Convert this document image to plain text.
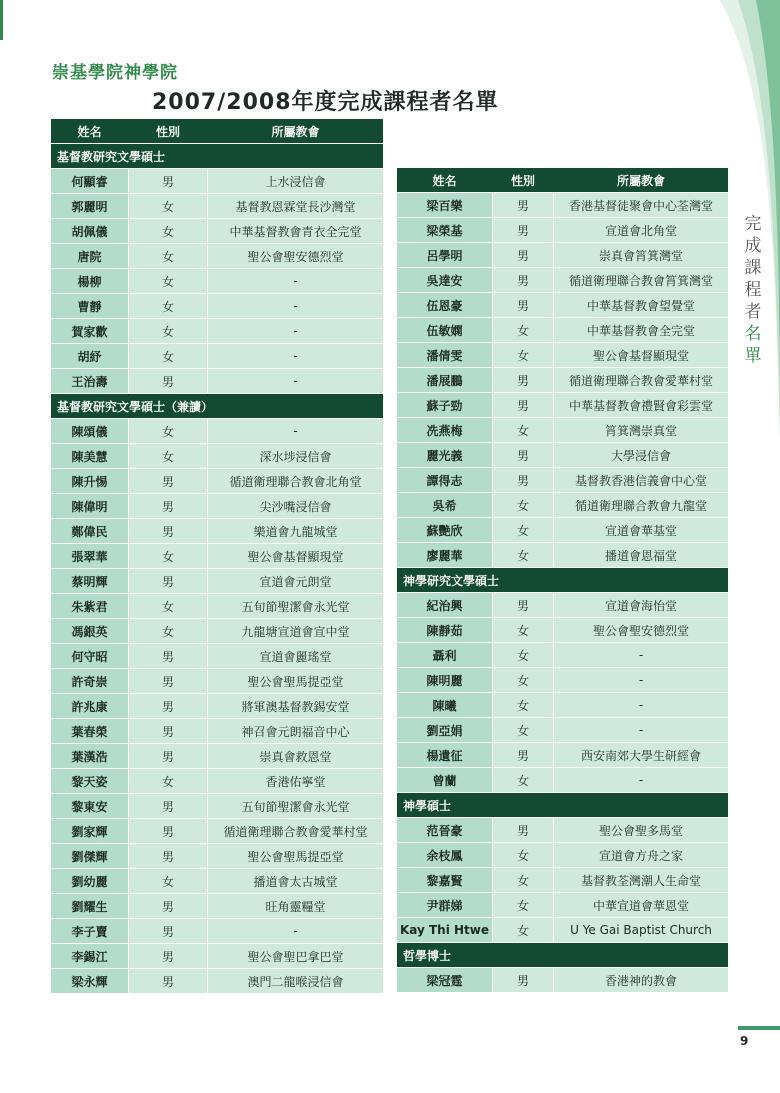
崇基學院神學院
2007/2008年度完成課程者名單
完
成
課
程
者
名
單
姓名	性別	所屬教會
基督教研究文學碩士		
何顯睿	男	上水浸信會
郭麗明	女	基督教恩霖堂長沙灣堂
胡佩儀	女	中華基督教會青衣全完堂
唐院	女	聖公會聖安德烈堂
楊柳	女	-
曹靜	女	-
賀家歡	女	-
胡紓	女	-
王治壽	男	-
基督教研究文學碩士（兼讀）		
陳頌儀	女	-
陳美慧	女	深水埗浸信會
陳升惕	男	循道衛理聯合教會北角堂
陳偉明	男	尖沙嘴浸信會
鄭偉民	男	樂道會九龍城堂
張翠華	女	聖公會基督顯現堂
蔡明輝	男	宣道會元朗堂
朱紫君	女	五旬節聖潔會永光堂
馮銀英	女	九龍塘宣道會宣中堂
何守昭	男	宣道會麗瑤堂
許奇崇	男	聖公會聖馬提亞堂
許兆康	男	將軍澳基督教錫安堂
葉春榮	男	神召會元朗福音中心
葉漢浩	男	崇真會救恩堂
黎天姿	女	香港佑寧堂
黎東安	男	五旬節聖潔會永光堂
劉家輝	男	循道衛理聯合教會愛華村堂
劉傑輝	男	聖公會聖馬提亞堂
劉幼麗	女	播道會太古城堂
劉耀生	男	旺角靈糧堂
李子賣	男	-
李錫江	男	聖公會聖巴拿巴堂
梁永輝	男	澳門二龍喉浸信會
姓名	性別	所屬教會
梁百樂	男	香港基督徒聚會中心荃灣堂
梁榮基	男	宣道會北角堂
呂學明	男	崇真會筲箕灣堂
吳達安	男	循道衛理聯合教會筲箕灣堂
伍恩豪	男	中華基督教會望覺堂
伍敏嫻	女	中華基督教會全完堂
潘倩雯	女	聖公會基督顯現堂
潘展鵬	男	循道衛理聯合教會愛華村堂
蘇子勁	男	中華基督教會禮賢會彩雲堂
冼燕梅	女	筲箕灣崇真堂
麗光義	男	大學浸信會
譚得志	男	基督教香港信義會中心堂
吳希	女	循道衛理聯合教會九龍堂
蘇艷欣	女	宣道會華基堂
廖麗華	女	播道會恩福堂
神學研究文學碩士		
紀治興	男	宣道會海怡堂
陳靜茹	女	聖公會聖安德烈堂
聶利	女	-
陳明麗	女	-
陳曦	女	-
劉亞娟	女	-
楊遺征	男	西安南郊大學生研經會
曾蘭	女	-
神學碩士		
范晉豪	男	聖公會聖多馬堂
余枝鳳	女	宣道會方舟之家
黎嘉賢	女	基督教荃灣潮人生命堂
尹群娣	女	中華宣道會華恩堂
Kay Thi Htwe	女	U Ye Gai Baptist Church
哲學博士		
梁冠霆	男	香港神的教會
9
